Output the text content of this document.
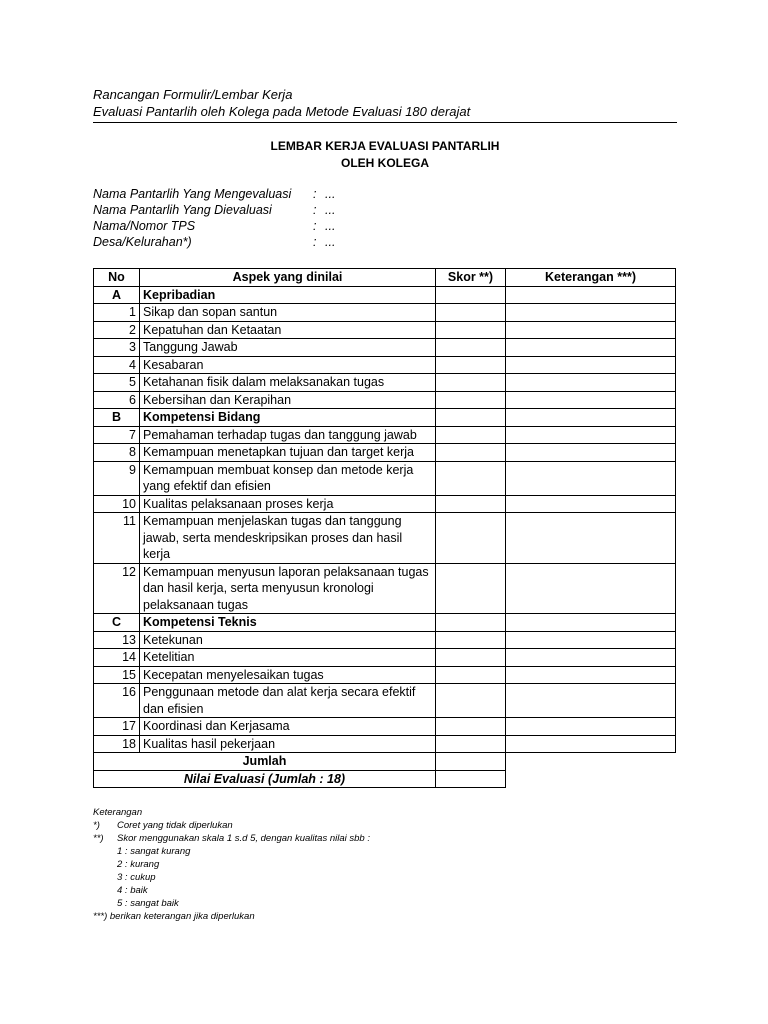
Rancangan Formulir/Lembar Kerja
Evaluasi Pantarlih oleh Kolega pada Metode Evaluasi 180 derajat
LEMBAR KERJA EVALUASI PANTARLIH
OLEH KOLEGA
Nama Pantarlih Yang Mengevaluasi : ...
Nama Pantarlih Yang Dievaluasi	: ...
Nama/Nomor TPS	: ...
Desa/Kelurahan*)	: ...
No	Aspek yang dinilai	Skor **)	Keterangan ***)
A	Kepribadian		
1	Sikap dan sopan santun		
2	Kepatuhan dan Ketaatan		
3	Tanggung Jawab		
4	Kesabaran		
5	Ketahanan fisik dalam melaksanakan tugas		
6	Kebersihan dan Kerapihan		
B	Kompetensi Bidang		
7	Pemahaman terhadap tugas dan tanggung jawab		
8	Kemampuan menetapkan tujuan dan target kerja		
9	Kemampuan membuat konsep dan metode kerja yang efektif dan efisien		
10	Kualitas pelaksanaan proses kerja		
11	Kemampuan menjelaskan tugas dan tanggung jawab, serta mendeskripsikan proses dan hasil kerja		
12	Kemampuan menyusun laporan pelaksanaan tugas dan hasil kerja, serta menyusun kronologi pelaksanaan tugas		
C	Kompetensi Teknis		
13	Ketekunan		
14	Ketelitian		
15	Kecepatan menyelesaikan tugas		
16	Penggunaan metode dan alat kerja secara efektif dan efisien		
17	Koordinasi dan Kerjasama		
18	Kualitas hasil pekerjaan		
Jumlah			
Nilai Evaluasi (Jumlah : 18)			
Keterangan
*) Coret yang tidak diperlukan
**) Skor menggunakan skala 1 s.d 5, dengan kualitas nilai sbb :
1 : sangat kurang
2 : kurang
3 : cukup
4 : baik
5 : sangat baik
***) berikan keterangan jika diperlukan
